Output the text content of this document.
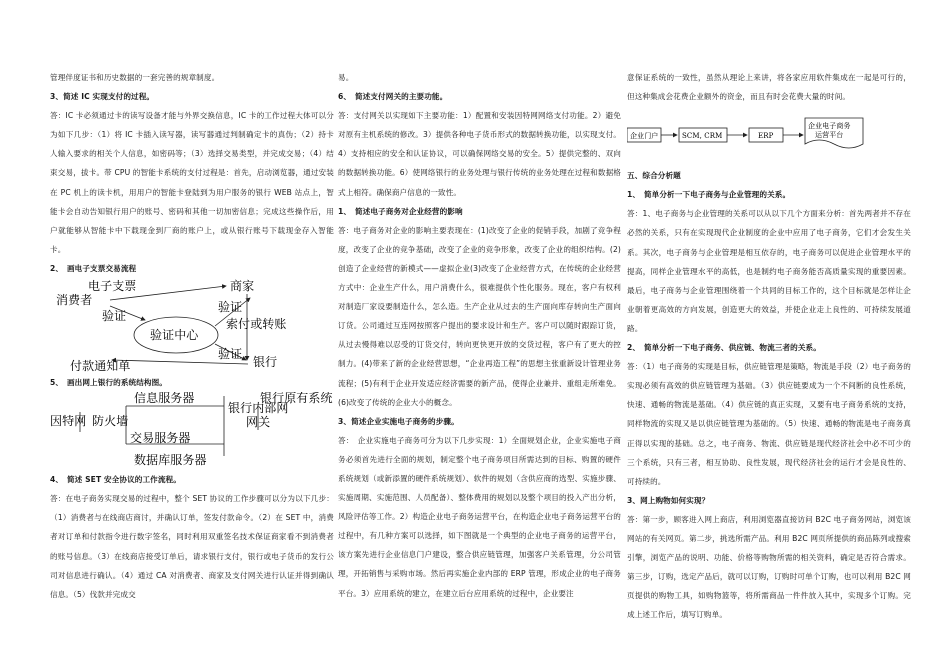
管理伴度证书和历史数据的一套完善的规章制度。

3、简述 IC 实现支付的过程。

答：IC 卡必须通过卡的读写设备才能与外界交换信息，IC 卡的工作过程大体可以分为如下几步：（1）将 IC 卡插入读写器，读写器通过判制确定卡的真伪；（2）持卡人输入要求的相关个人信息，如密码等；（3）选择交易类型，并完成交易；（4）结束交易，拔卡。带 CPU 的智能卡系统的支付过程是：首先，启动浏览器，通过安装在 PC 机上的读卡机，用用户的智能卡登陆到为用户服务的银行 WEB 站点上，智能卡会自动告知银行用户的账号、密码和其他一切加密信息；完成这些操作后，用户就能够从智能卡中下载现金到厂商的账户上，或从银行账号下载现金存入智能卡。

2、　画电子支票交易流程

电子支票
消费者
商家
验证
验证中心
验证
索付或转账
验证
银行
付款通知单

5、　画出网上银行的系统结构图。

信息服务器
银行内部网
银行原有系统
因特网 防火墙	网关
交易服务器
数据库服务器

4、　简述 SET 安全协议的工作流程。

答：在电子商务实现交易的过程中，整个 SET 协议的工作步骤可以分为以下几步：（1）消费者与在线商店商讨，并确认订单，签发付款命令。（2）在 SET 中，消费者对订单和付款指令进行数字签名，同时利用双重签名技术保证商家看不到消费者的账号信息。（3）在线商店接受订单后，请求银行支付，银行或电子货币的发行公司对信息进行确认。（4）通过 CA 对消费者、商家及支付网关进行认证并得到确认信息。（5）伐款并完成交

易。

6、　简述支付网关的主要功能。

答：支付网关以实现如下主要功能：1）配置和安装因特网网络支付功能。2）避免对原有主机系统的修改。3）提供各种电子货币形式的数据转换功能，以实现支付。4）支持相应的安全和认证协议，可以确保网络交易的安全。5）提供完整的、双向的数据转换功能。6）使网络银行的业务处理与银行传统的业务处理在过程和数据格式上相符。确保商户信息的一致性。

1、　简述电子商务对企业经营的影响

答：电子商务对企业的影响主要表现在：(1)改变了企业的促销手段，加剧了竞争程度，改变了企业的竞争基础，改变了企业的竞争形象，改变了企业的组织结构。(2)创造了企业经营的新模式——虚拟企业(3)改变了企业经营方式，在传统的企业经营方式中：企业生产什么，用户消费什么，很难提供个性化服务。现在，客户有权利对制造厂家设要制造什么，怎么造。生产企业从过去的生产面向库存转向生产面向订货。公司通过互连网按照客户提出的要求设计和生产。客户可以随时跟踪订货，从过去慢得难以忍受的订货交付，转向更快更开放的交货过程，客户有了更大的控制力。(4)带来了新的企业经营思想，“企业再造工程”的思想主张重新设计管理业务流程；(5)有利于企业开发适应经济需要的新产品，使得企业兼并、重组走所难免。(6)改变了传统的企业大小的概念。

3、简述企业实施电子商务的步骤。

答：　企业实施电子商务可分为以下几步实现：1）全面规划企业，企业实施电子商务必须首先进行全面的规划，制定整个电子商务项目所需达到的目标、购置的硬件系统规划（或新添置的硬件系统规划）、软件的规划（含供应商的选型、实施步骤、实施周期、实施范围、人员配备）、整体费用的规划以及整个项目的投入产出分析，风险评估等工作。2）构造企业电子商务运营平台，在构造企业电子商务运营平台的过程中，有几种方案可以选择，如下图就是一个典型的企业电子商务的运营平台，该方案先进行企业信息门户建设，整合供应链管理，加强客户关系管理，分公司管理，开拓销售与采购市场。然后再实施企业内部的 ERP 管理，形成企业的电子商务平台。3）应用系统的建立，在建立后台应用系统的过程中，企业要注

意保证系统的一致性，虽然从理论上来讲，将各家应用软件集成在一起是可行的，但这种集成会花费企业额外的资金，而且有时会花费大量的时间。

企业门户	SCM, CRM	ERP
企业电子商务
运营平台

五、综合分析题

1、　简单分析一下电子商务与企业管理的关系。

答：1、电子商务与企业管理的关系可以从以下几个方面来分析：首先两者并不存在必然的关系，只有在实现现代企业制度的企业中应用了电子商务，它们才会发生关系。其次，电子商务与企业管理是相互依存的，电子商务可以促进企业管理水平的提高，同样企业管理水平的高低，也是制约电子商务能否高质量实现的重要因素。最后，电子商务与企业管理围绕着一个共同的目标工作的，这个目标就是怎样让企业朝着更高效的方向发展，创造更大的效益，并使企业走上良性的、可持续发展道路。

2、　简单分析一下电子商务、供应链、物流三者的关系。

答：（1）电子商务的实现是目标，供应链管理是策略，物流是手段（2）电子商务的实现必须有高效的供应链管理为基础。（3）供应链要成为一个不间断的良性系统，快速、通畅的物流是基础。（4）供应链的真正实现，又要有电子商务系统的支持，同样物流的实现又是以供应链管理为基础的。（5）快速、通畅的物流是电子商务真正得以实现的基础。总之，电子商务、物流、供应链是现代经济社会中必不可少的三个系统，只有三者，相互协助、良性发展，现代经济社会的运行才会是良性的、可持续的。

3、网上购物如何实现？

答：第一步，顾客进入网上商店，利用浏览器直接访问 B2C 电子商务网站，浏览该网站的有关网页。第二步，挑选所需产品。利用 B2C 网页所提供的商品陈列或搜索引擎，浏览产品的说明、功能、价格等购物所需的相关资料，确定是否符合需求。第三步，订购，选定产品后，就可以订购，订购时可单个订购，也可以利用 B2C 网页提供的购物工具，如购物篮等，将所需商品一件件放入其中，实现多个订购。完成上述工作后，填写订购单。
